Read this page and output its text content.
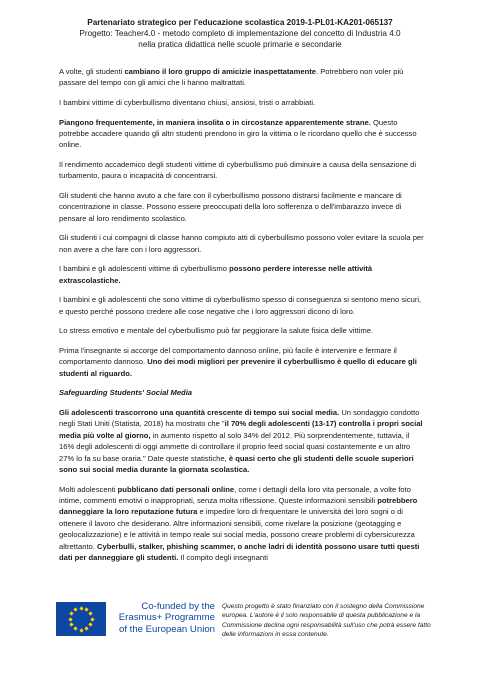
Partenariato strategico per l'educazione scolastica 2019-1-PL01-KA201-065137
Progetto: Teacher4.0 - metodo completo di implementazione del concetto di Industria 4.0
nella pratica didattica nelle scuole primarie e secondarie

A volte, gli studenti cambiano il loro gruppo di amicizie inaspettatamente. Potrebbero non voler più passare del tempo con gli amici che li hanno maltrattati.

I bambini vittime di cyberbullismo diventano chiusi, ansiosi, tristi o arrabbiati.

Piangono frequentemente, in maniera insolita o in circostanze apparentemente strane. Questo potrebbe accadere quando gli altri studenti prendono in giro la vittima o le ricordano quello che è successo online.

Il rendimento accademico degli studenti vittime di cyberbullismo può diminuire a causa della sensazione di turbamento, paura o incapacità di concentrarsi.

Gli studenti che hanno avuto a che fare con il cyberbullismo possono distrarsi facilmente e mancare di concentrazione in classe. Possono essere preoccupati della loro sofferenza o dell'imbarazzo invece di pensare al loro rendimento scolastico.

Gli studenti i cui compagni di classe hanno compiuto atti di cyberbullismo possono voler evitare la scuola per non avere a che fare con i loro aggressori.

I bambini e gli adolescenti vittime di cyberbullismo possono perdere interesse nelle attività extrascolastiche.

I bambini e gli adolescenti che sono vittime di cyberbullismo spesso di conseguenza si sentono meno sicuri, e questo perché possono credere alle cose negative che i loro aggressori dicono di loro.

Lo stress emotivo e mentale del cyberbullismo può far peggiorare la salute fisica delle vittime.

Prima l'insegnante si accorge del comportamento dannoso online, più facile è intervenire e fermare il comportamento dannoso. Uno dei modi migliori per prevenire il cyberbullismo è quello di educare gli studenti al riguardo.

Safeguarding Students' Social Media

Gli adolescenti trascorrono una quantità crescente di tempo sui social media. Un sondaggio condotto negli Stati Uniti (Statista, 2018) ha mostrato che "il 70% degli adolescenti (13-17) controlla i propri social media più volte al giorno, in aumento rispetto al solo 34% del 2012. Più sorprendentemente, tuttavia, il 16% degli adolescenti di oggi ammette di controllare il proprio feed social quasi costantemente e un altro 27% lo fa su base oraria." Date queste statistiche, è quasi certo che gli studenti delle scuole superiori sono sui social media durante la giornata scolastica.

Molti adolescenti pubblicano dati personali online, come i dettagli della loro vita personale, a volte foto intime, commenti emotivi o inappropriati, senza molta riflessione. Queste informazioni sensibili potrebbero danneggiare la loro reputazione futura e impedire loro di frequentare le università dei loro sogni o di ottenere il lavoro che desiderano. Altre informazioni sensibili, come rivelare la posizione (geotagging e geolocalizzazione) e le attività in tempo reale sui social media, possono creare problemi di cybersicurezza altrettanto. Cyberbulli, stalker, phishing scammer, o anche ladri di identità possono usare tutti questi dati per danneggiare gli studenti. Il compito degli insegnanti

Co-funded by the
Erasmus+ Programme
of the European Union
Questo progetto è stato finanziato con il sostegno della Commissione europea. L'autore è il solo responsabile di questa pubblicazione e la Commissione declina ogni responsabilità sull'uso che potrà essere fatto delle informazioni in essa contenute.
